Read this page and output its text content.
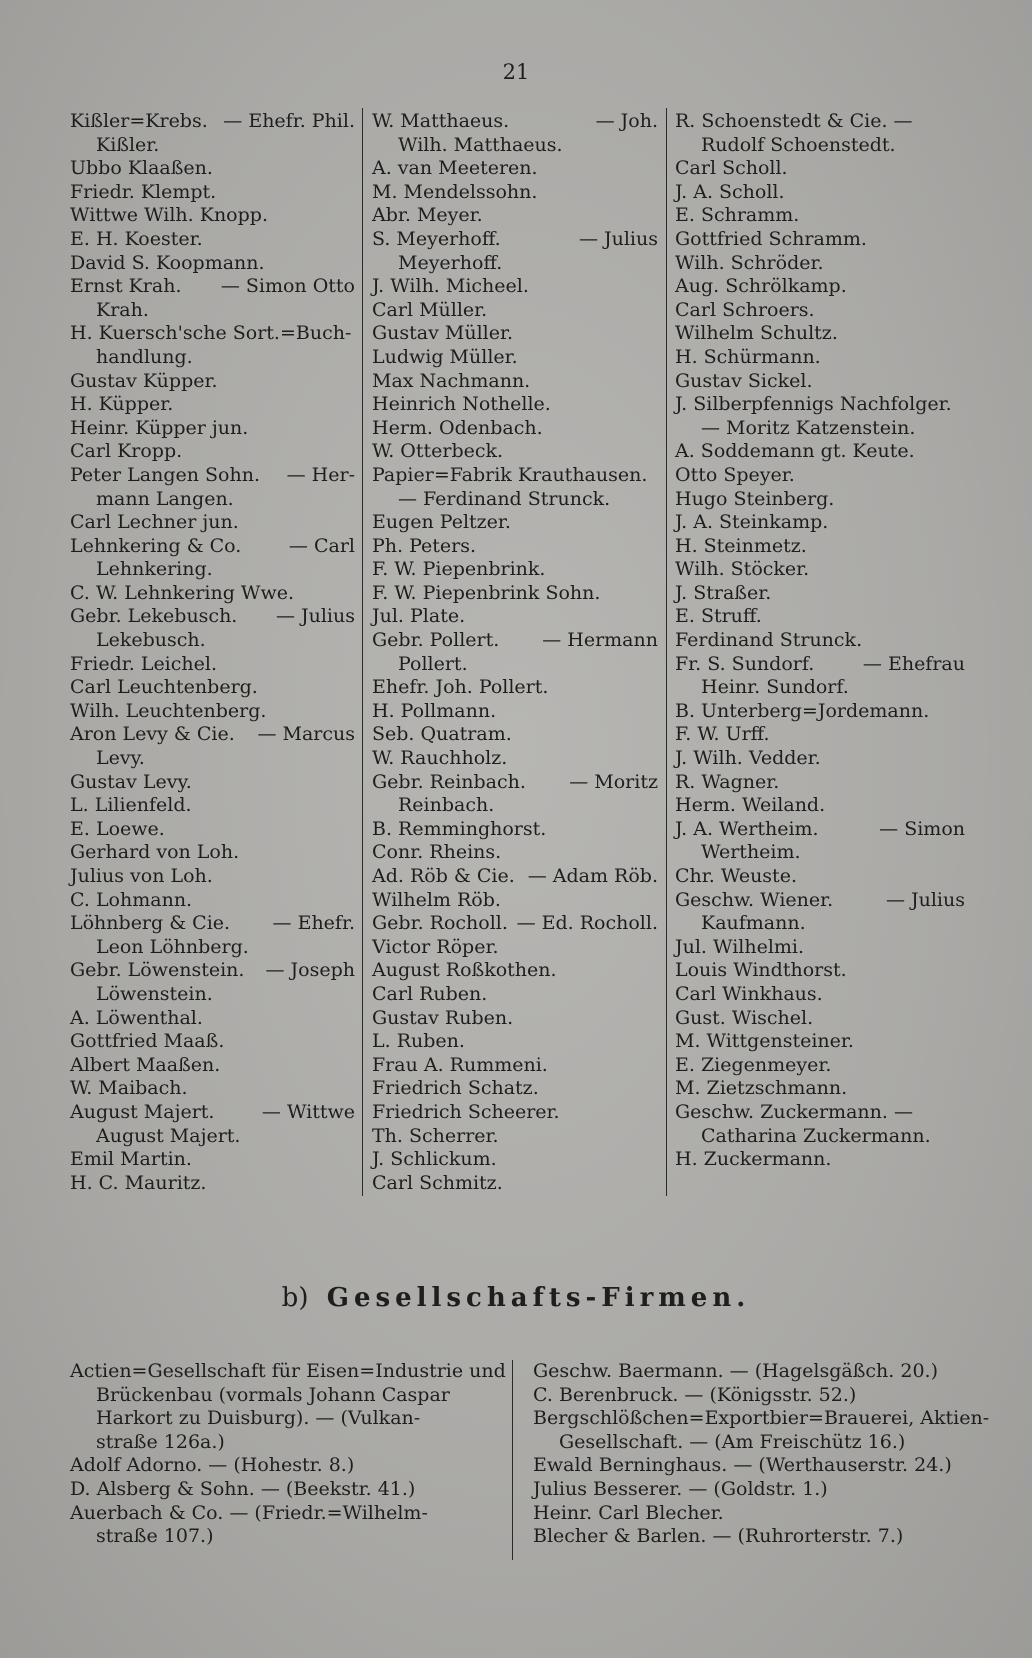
21
Kißler=Krebs. — Ehefr. Phil.
Kißler.
Ubbo Klaaßen.
Friedr. Klempt.
Wittwe Wilh. Knopp.
E. H. Koester.
David S. Koopmann.
Ernst Krah. — Simon Otto
Krah.
H. Kuersch'sche Sort.=Buch-
handlung.
Gustav Küpper.
H. Küpper.
Heinr. Küpper jun.
Carl Kropp.
Peter Langen Sohn. — Her-
mann Langen.
Carl Lechner jun.
Lehnkering & Co.	— Carl
Lehnkering.
C. W. Lehnkering Wwe.
Gebr. Lekebusch. — Julius
Lekebusch.
Friedr. Leichel.
Carl Leuchtenberg.
Wilh. Leuchtenberg.
Aron Levy & Cie. — Marcus
Levy.
Gustav Levy.
L. Lilienfeld.
E. Loewe.
Gerhard von Loh.
Julius von Loh.
C. Lohmann.
Löhnberg & Cie. — Ehefr.
Leon Löhnberg.
Gebr. Löwenstein. — Joseph
Löwenstein.
A. Löwenthal.
Gottfried Maaß.
Albert Maaßen.
W. Maibach.
August Majert. — Wittwe
August Majert.
Emil Martin.
H. C. Mauritz.
W. Matthaeus.	— Joh.
Wilh. Matthaeus.
A. van Meeteren.
M. Mendelssohn.
Abr. Meyer.
S. Meyerhoff.	— Julius
Meyerhoff.
J. Wilh. Micheel.
Carl Müller.
Gustav Müller.
Ludwig Müller.
Max Nachmann.
Heinrich Nothelle.
Herm. Odenbach.
W. Otterbeck.
Papier=Fabrik Krauthausen.
— Ferdinand Strunck.
Eugen Peltzer.
Ph. Peters.
F. W. Piepenbrink.
F. W. Piepenbrink Sohn.
Jul. Plate.
Gebr. Pollert. — Hermann
Pollert.
Ehefr. Joh. Pollert.
H. Pollmann.
Seb. Quatram.
W. Rauchholz.
Gebr. Reinbach. — Moritz
Reinbach.
B. Remminghorst.
Conr. Rheins.
Ad. Röb & Cie. — Adam Röb.
Wilhelm Röb.
Gebr. Rocholl. — Ed. Rocholl.
Victor Röper.
August Roßkothen.
Carl Ruben.
Gustav Ruben.
L. Ruben.
Frau A. Rummeni.
Friedrich Schatz.
Friedrich Scheerer.
Th. Scherrer.
J. Schlickum.
Carl Schmitz.
R. Schoenstedt & Cie. —
Rudolf Schoenstedt.
Carl Scholl.
J. A. Scholl.
E. Schramm.
Gottfried Schramm.
Wilh. Schröder.
Aug. Schrölkamp.
Carl Schroers.
Wilhelm Schultz.
H. Schürmann.
Gustav Sickel.
J. Silberpfennigs Nachfolger.
— Moritz Katzenstein.
A. Soddemann gt. Keute.
Otto Speyer.
Hugo Steinberg.
J. A. Steinkamp.
H. Steinmetz.
Wilh. Stöcker.
J. Straßer.
E. Struff.
Ferdinand Strunck.
Fr. S. Sundorf.	— Ehefrau
Heinr. Sundorf.
B. Unterberg=Jordemann.
F. W. Urff.
J. Wilh. Vedder.
R. Wagner.
Herm. Weiland.
J. A. Wertheim.	— Simon
Wertheim.
Chr. Weuste.
Geschw. Wiener.	— Julius
Kaufmann.
Jul. Wilhelmi.
Louis Windthorst.
Carl Winkhaus.
Gust. Wischel.
M. Wittgensteiner.
E. Ziegenmeyer.
M. Zietzschmann.
Geschw. Zuckermann. —
Catharina Zuckermann.
H. Zuckermann.
b) Gesellschafts-Firmen.
Actien=Gesellschaft für Eisen=Industrie und
Brückenbau (vormals Johann Caspar
Harkort zu Duisburg). — (Vulkan-
straße 126a.)
Adolf Adorno. — (Hohestr. 8.)
D. Alsberg & Sohn. — (Beekstr. 41.)
Auerbach & Co. — (Friedr.=Wilhelm-
straße 107.)
Geschw. Baermann. — (Hagelsgäßch. 20.)
C. Berenbruck. — (Königsstr. 52.)
Bergschlößchen=Exportbier=Brauerei, Aktien-
Gesellschaft. — (Am Freischütz 16.)
Ewald Berninghaus. — (Werthauserstr. 24.)
Julius Besserer. — (Goldstr. 1.)
Heinr. Carl Blecher.
Blecher & Barlen. — (Ruhrorterstr. 7.)
